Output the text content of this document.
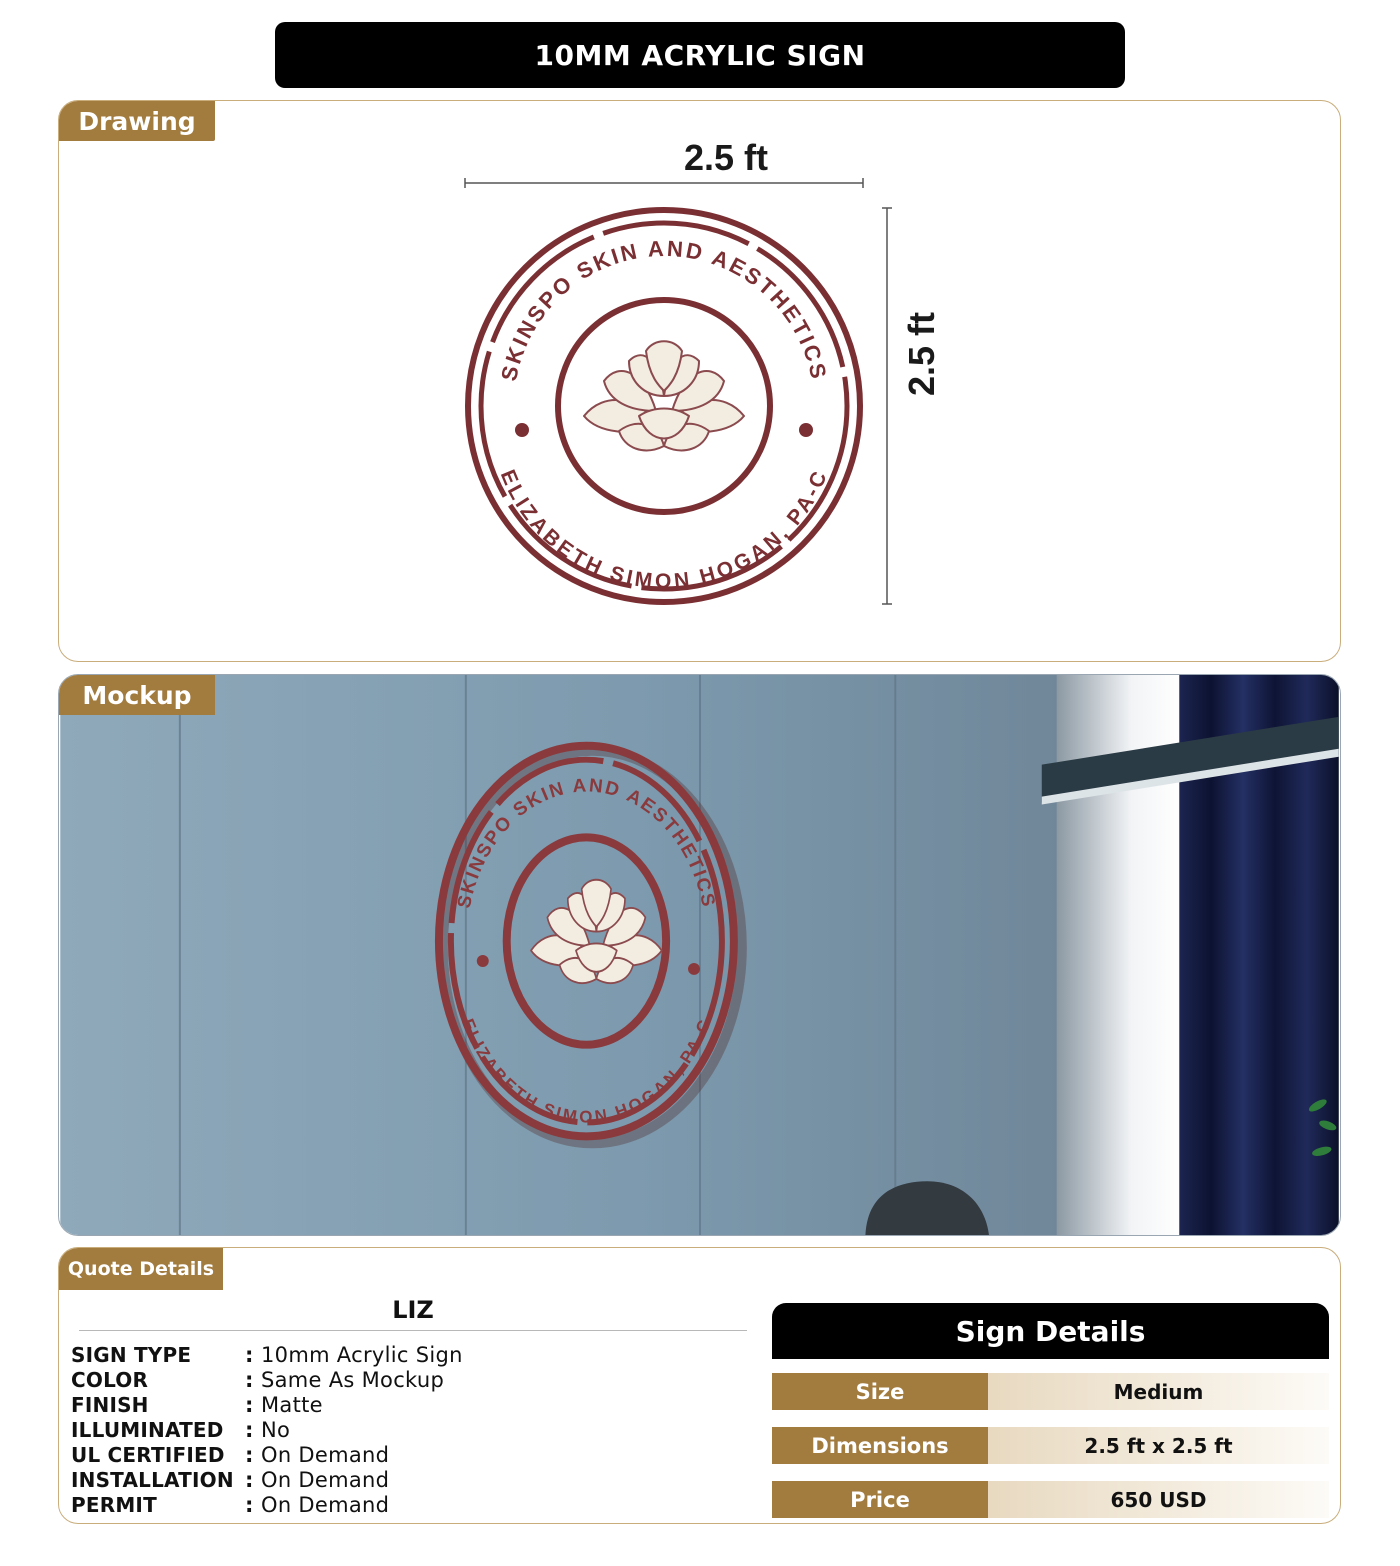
10MM ACRYLIC SIGN
Drawing
2.5 ft
2.5 ft
SKINSPO SKIN AND AESTHETICS
ELIZABETH SIMON HOGAN, PA-C
Mockup
SKINSPO SKIN AND AESTHETICS
ELIZABETH SIMON HOGAN, PA-C
Quote Details
LIZ
SIGN TYPE	: 10mm Acrylic Sign
COLOR	: Same As Mockup
FINISH	: Matte
ILLUMINATED	: No
UL CERTIFIED : On Demand
INSTALLATION : On Demand
PERMIT	: On Demand
Sign Details
Size	Medium
Dimensions	2.5 ft x 2.5 ft
Price	650 USD
